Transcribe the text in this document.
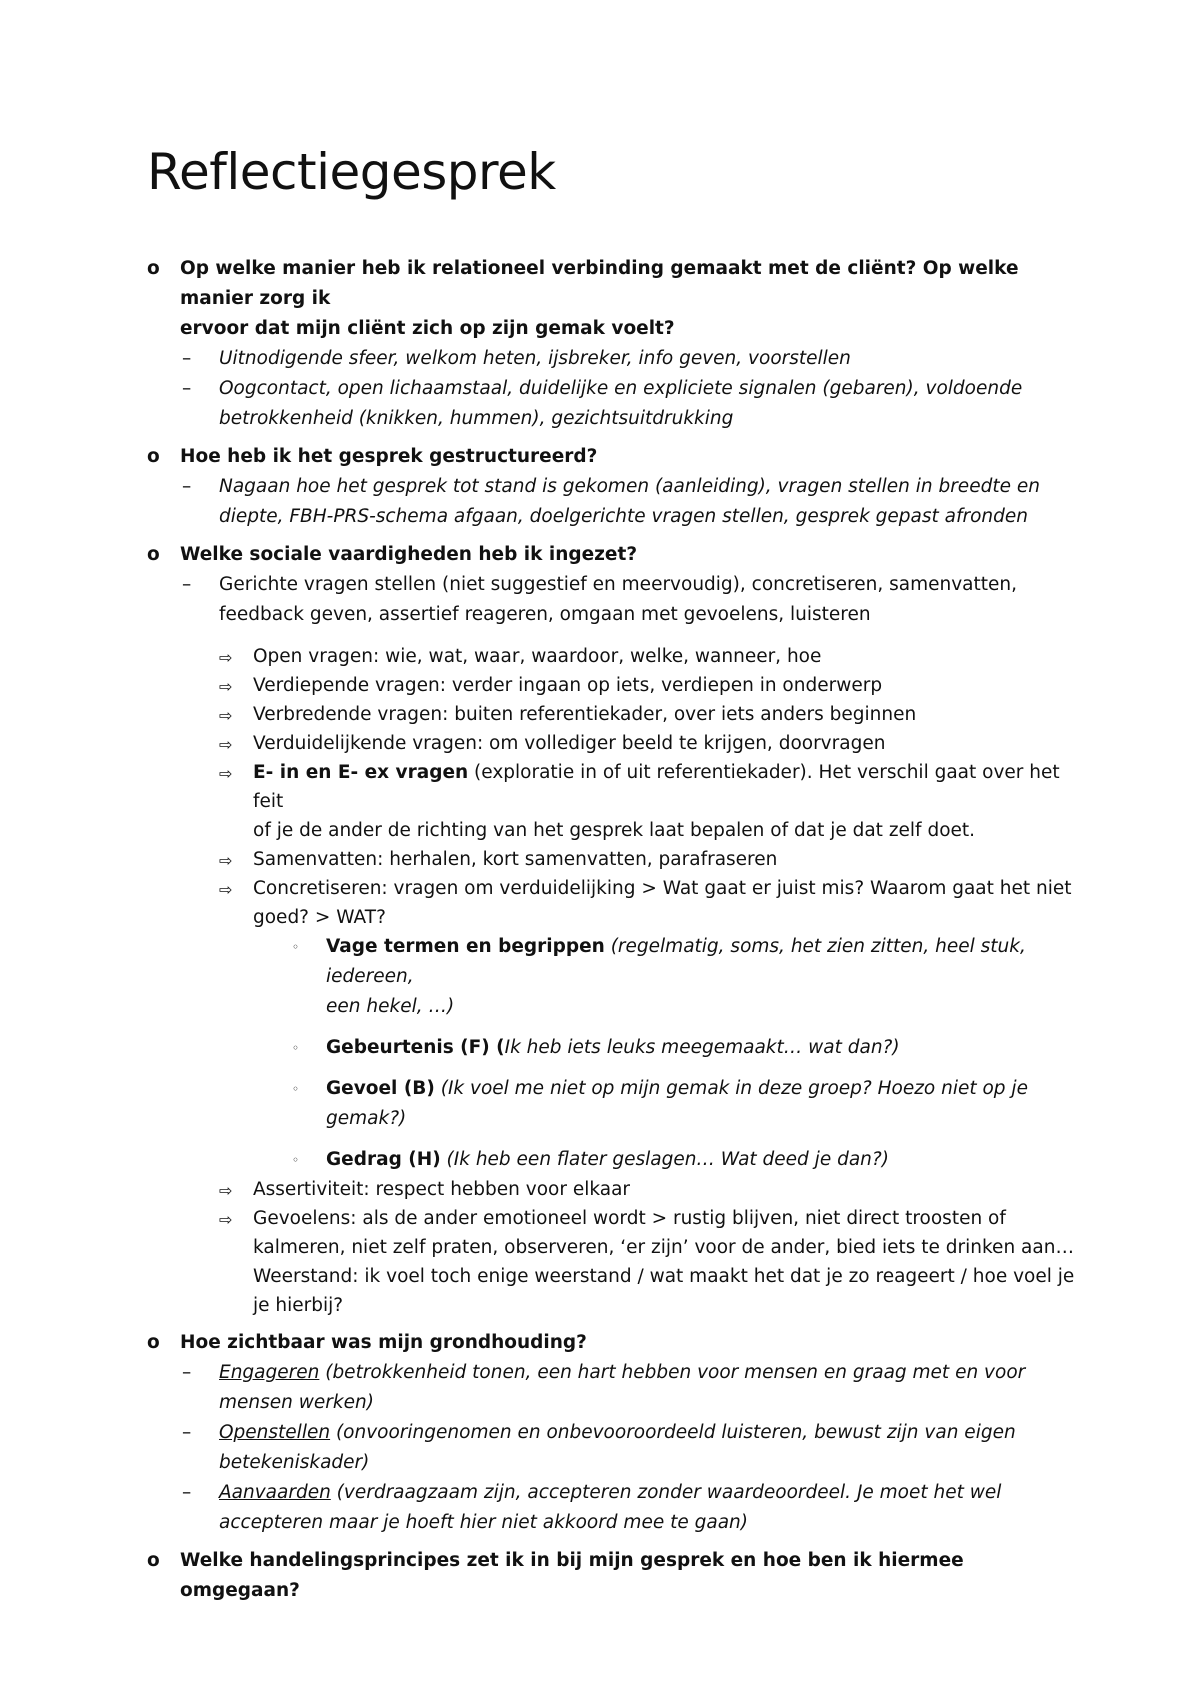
Reflectiegesprek
o Op welke manier heb ik relationeel verbinding gemaakt met de cliënt? Op welke manier zorg ik
ervoor dat mijn cliënt zich op zijn gemak voelt?
– Uitnodigende sfeer, welkom heten, ijsbreker, info geven, voorstellen
– Oogcontact, open lichaamstaal, duidelijke en expliciete signalen (gebaren), voldoende
betrokkenheid (knikken, hummen), gezichtsuitdrukking
o Hoe heb ik het gesprek gestructureerd?
– Nagaan hoe het gesprek tot stand is gekomen (aanleiding), vragen stellen in breedte en
diepte, FBH-PRS-schema afgaan, doelgerichte vragen stellen, gesprek gepast afronden
o Welke sociale vaardigheden heb ik ingezet?
– Gerichte vragen stellen (niet suggestief en meervoudig), concretiseren, samenvatten,
feedback geven, assertief reageren, omgaan met gevoelens, luisteren
⇨ Open vragen: wie, wat, waar, waardoor, welke, wanneer, hoe
⇨ Verdiepende vragen: verder ingaan op iets, verdiepen in onderwerp
⇨ Verbredende vragen: buiten referentiekader, over iets anders beginnen
⇨ Verduidelijkende vragen: om vollediger beeld te krijgen, doorvragen
⇨ E- in en E- ex vragen (exploratie in of uit referentiekader). Het verschil gaat over het feit
of je de ander de richting van het gesprek laat bepalen of dat je dat zelf doet.
⇨ Samenvatten: herhalen, kort samenvatten, parafraseren
⇨ Concretiseren: vragen om verduidelijking > Wat gaat er juist mis? Waarom gaat het niet
goed? > WAT?
◦ Vage termen en begrippen (regelmatig, soms, het zien zitten, heel stuk, iedereen,
een hekel, …)
◦ Gebeurtenis (F) (Ik heb iets leuks meegemaakt… wat dan?)
◦ Gevoel (B) (Ik voel me niet op mijn gemak in deze groep? Hoezo niet op je
gemak?)
◦ Gedrag (H) (Ik heb een flater geslagen… Wat deed je dan?)
⇨ Assertiviteit: respect hebben voor elkaar
⇨ Gevoelens: als de ander emotioneel wordt > rustig blijven, niet direct troosten of
kalmeren, niet zelf praten, observeren, ‘er zijn’ voor de ander, bied iets te drinken aan…
Weerstand: ik voel toch enige weerstand / wat maakt het dat je zo reageert / hoe voel je
je hierbij?
o Hoe zichtbaar was mijn grondhouding?
– Engageren (betrokkenheid tonen, een hart hebben voor mensen en graag met en voor
mensen werken)
– Openstellen (onvooringenomen en onbevooroordeeld luisteren, bewust zijn van eigen
betekeniskader)
– Aanvaarden (verdraagzaam zijn, accepteren zonder waardeoordeel. Je moet het wel
accepteren maar je hoeft hier niet akkoord mee te gaan)
o Welke handelingsprincipes zet ik in bij mijn gesprek en hoe ben ik hiermee omgegaan?
